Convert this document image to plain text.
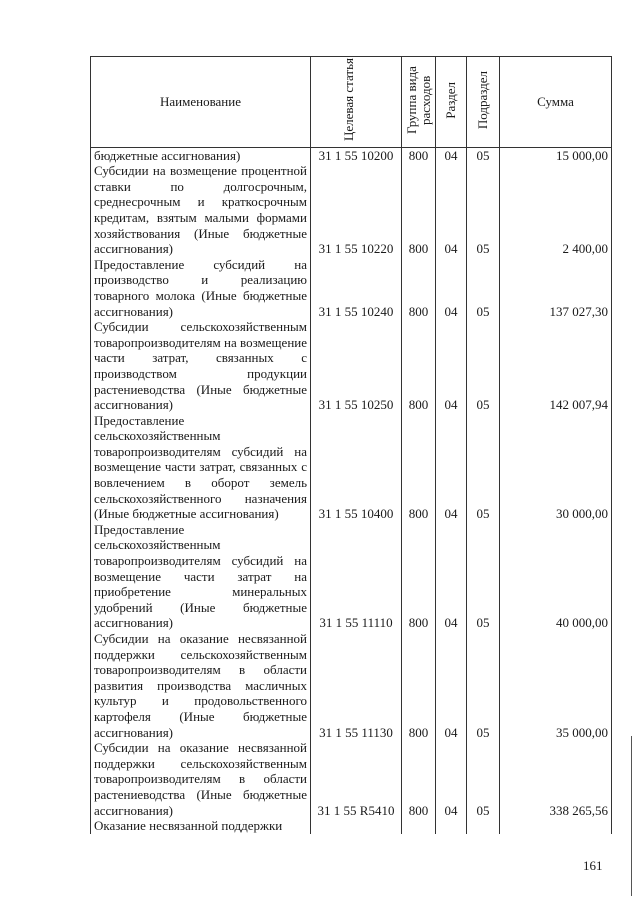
Наименование	Целевая статья	Группа вида расходов	Раздел	Подраздел	Сумма
бюджетные ассигнования)	31 1 55 10200	800	04	05	15 000,00
Субсидии на возмещение процентной ставки по долгосрочным, среднесрочным и краткосрочным кредитам, взятым малыми формами хозяйствования (Иные бюджетные ассигнования)	31 1 55 10220	800	04	05	2 400,00
Предоставление субсидий на производство и реализацию товарного молока (Иные бюджетные ассигнования)	31 1 55 10240	800	04	05	137 027,30
Субсидии сельскохозяйственным товаропроизводителям на возмещение части затрат, связанных с производством продукции растениеводства (Иные бюджетные ассигнования)	31 1 55 10250	800	04	05	142 007,94
Предоставление сельскохозяйственным товаропроизводителям субсидий на возмещение части затрат, связанных с вовлечением в оборот земель сельскохозяйственного назначения (Иные бюджетные ассигнования)	31 1 55 10400	800	04	05	30 000,00
Предоставление сельскохозяйственным товаропроизводителям субсидий на возмещение части затрат на приобретение минеральных удобрений (Иные бюджетные ассигнования)	31 1 55 11110	800	04	05	40 000,00
Субсидии на оказание несвязанной поддержки сельскохозяйственным товаропроизводителям в области развития производства масличных культур и продовольственного картофеля (Иные бюджетные ассигнования)	31 1 55 11130	800	04	05	35 000,00
Субсидии на оказание несвязанной поддержки сельскохозяйственным товаропроизводителям в области растениеводства (Иные бюджетные ассигнования)	31 1 55 R5410	800	04	05	338 265,56
Оказание несвязанной поддержки					
161
